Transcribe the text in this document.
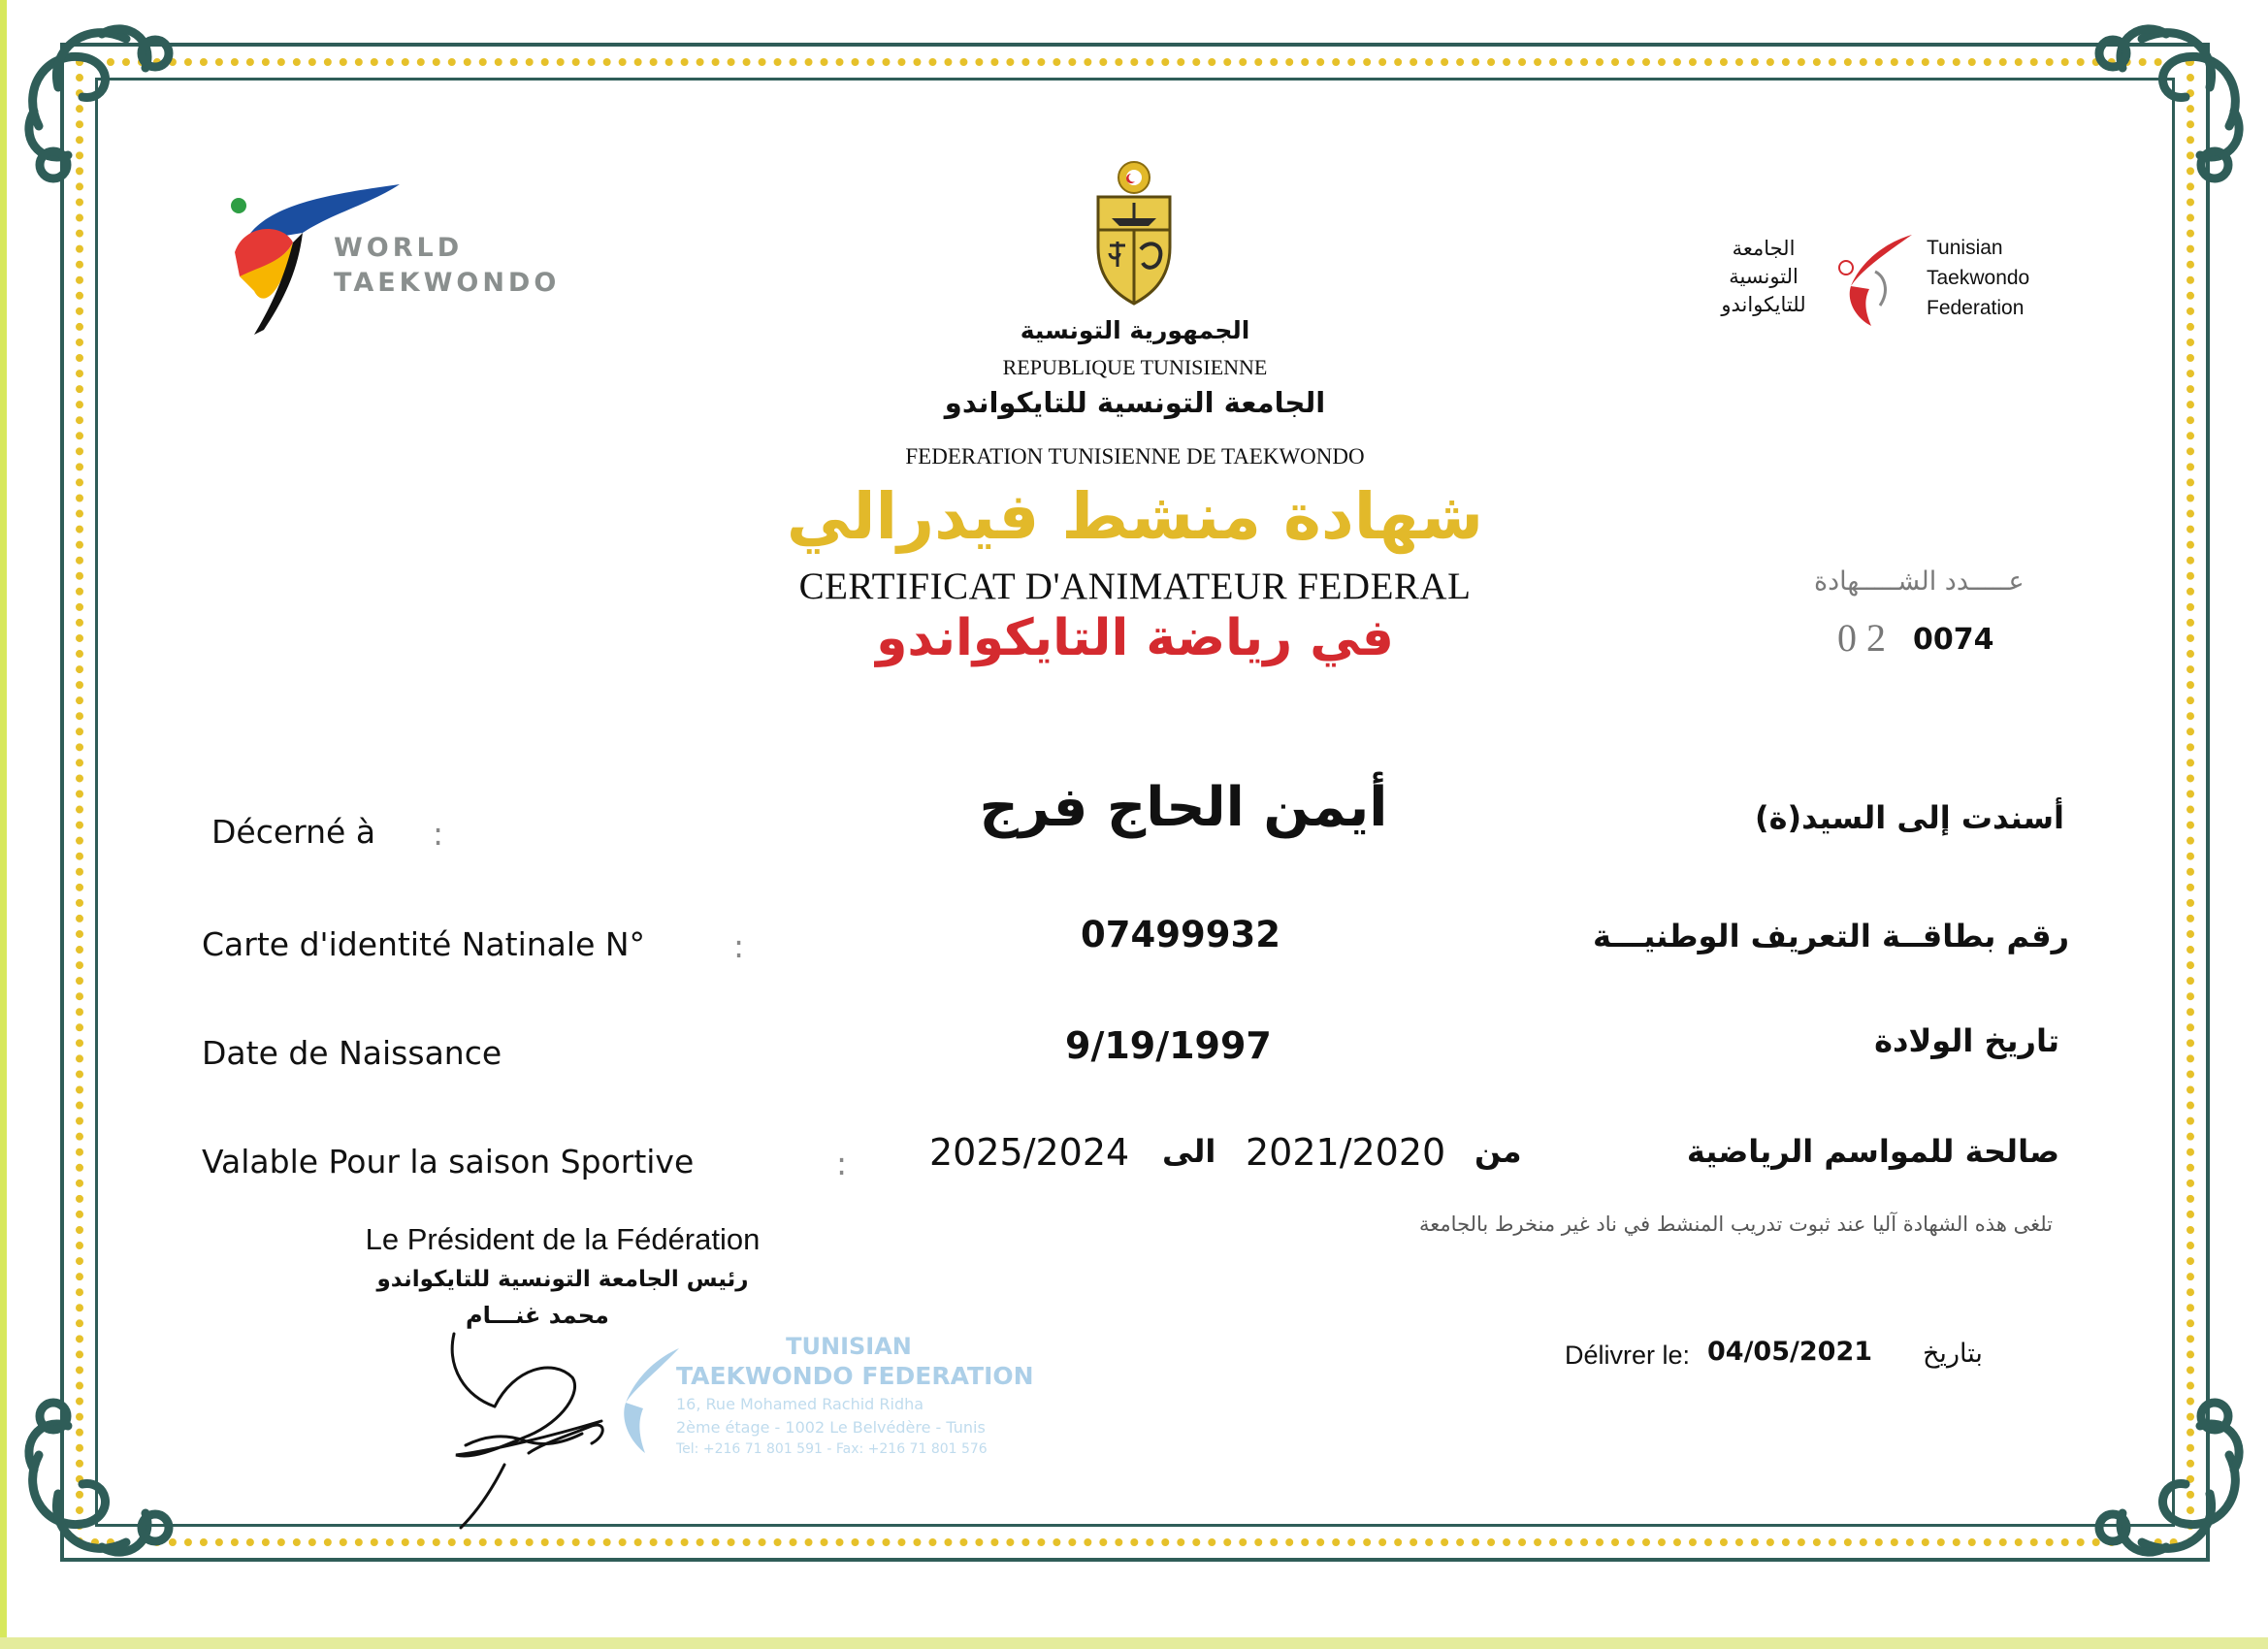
WORLD
TAEKWONDO
الجمهورية التونسية
REPUBLIQUE TUNISIENNE
الجامعة التونسية للتايكواندو
FEDERATION TUNISIENNE DE TAEKWONDO
شهادة منشط فيدرالي
CERTIFICAT D'ANIMATEUR FEDERAL
في رياضة التايكواندو
الجامعة
التونسية
للتايكواندو
Tunisian
Taekwondo
Federation
عـــــدد الشـــــهادة
0 2 0074
Décerné à :	أيمن الحاج فرج	أسندت إلى السيد(ة)
Carte d'identité Natinale N°	:	07499932	رقم بطاقــة التعريف الوطنيـــة
Date de Naissance	9/19/1997	تاريخ الولادة
Valable Pour la saison Sportive	: 2025/2024 الى 2021/2020 من	صالحة للمواسم الرياضية
تلغى هذه الشهادة آليا عند ثبوت تدريب المنشط في ناد غير منخرط بالجامعة
Le Président de la Fédération
رئيس الجامعة التونسية للتايكواندو
محمد غنـــام
TUNISIAN
TAEKWONDO FEDERATION
16, Rue Mohamed Rachid Ridha
2ème étage - 1002 Le Belvédère - Tunis
Tel: +216 71 801 591 - Fax: +216 71 801 576
Délivrer le: 04/05/2021 بتاريخ
